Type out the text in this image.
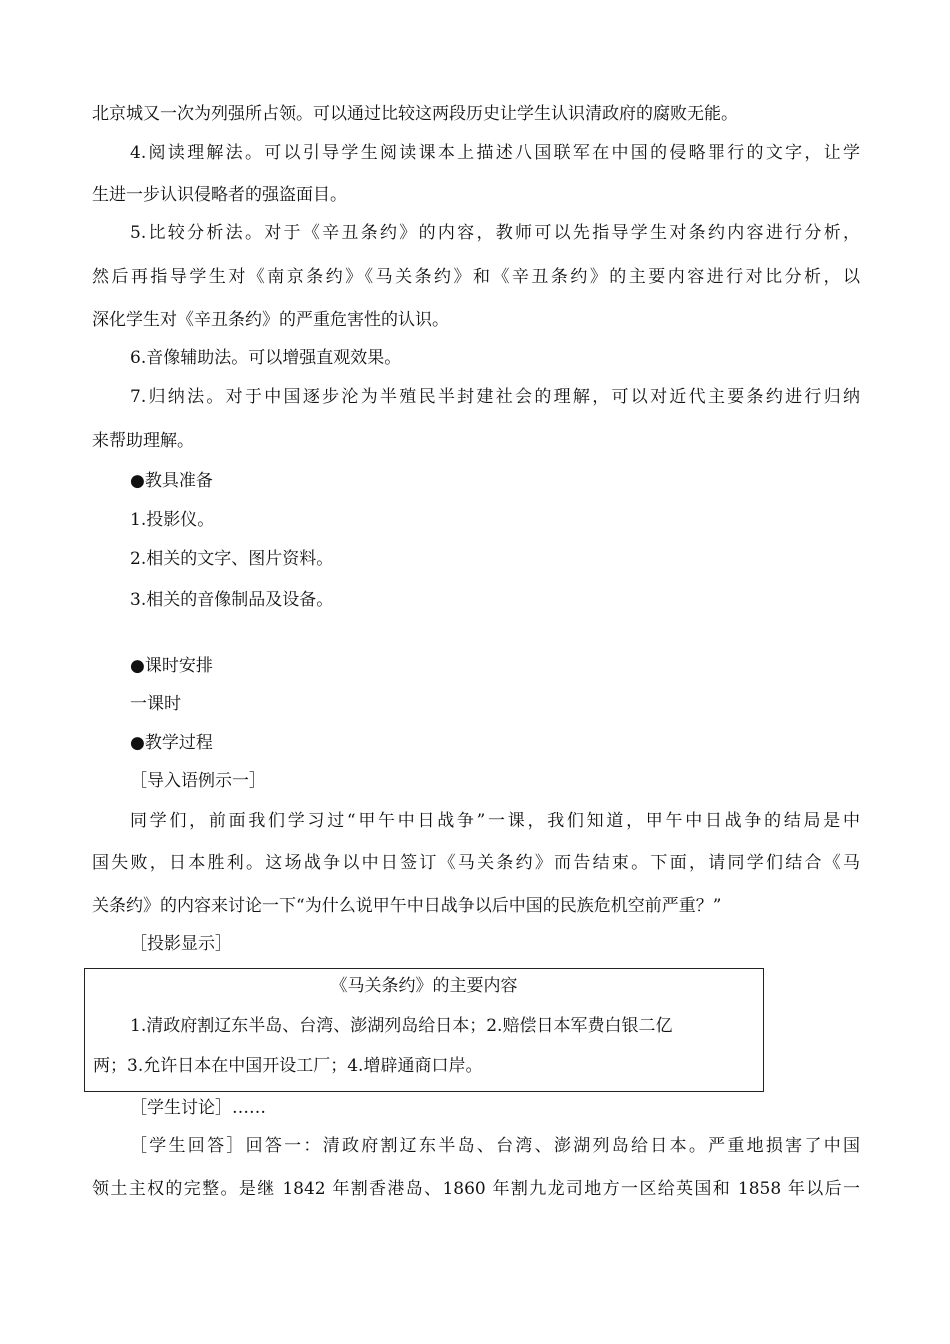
北京城又一次为列强所占领。可以通过比较这两段历史让学生认识清政府的腐败无能。
4.阅读理解法。可以引导学生阅读课本上描述八国联军在中国的侵略罪行的文字，让学
生进一步认识侵略者的强盗面目。
5.比较分析法。对于《辛丑条约》的内容，教师可以先指导学生对条约内容进行分析，
然后再指导学生对《南京条约》《马关条约》和《辛丑条约》的主要内容进行对比分析，以
深化学生对《辛丑条约》的严重危害性的认识。
6.音像辅助法。可以增强直观效果。
7.归纳法。对于中国逐步沦为半殖民半封建社会的理解，可以对近代主要条约进行归纳
来帮助理解。
●教具准备
1.投影仪。
2.相关的文字、图片资料。
3.相关的音像制品及设备。
●课时安排
一课时
●教学过程
［导入语例示一］
同学们，前面我们学习过“甲午中日战争”一课，我们知道，甲午中日战争的结局是中
国失败，日本胜利。这场战争以中日签订《马关条约》而告结束。下面，请同学们结合《马
关条约》的内容来讨论一下“为什么说甲午中日战争以后中国的民族危机空前严重？”
［投影显示］
《马关条约》的主要内容
1.清政府割辽东半岛、台湾、澎湖列岛给日本；2.赔偿日本军费白银二亿
两；3.允许日本在中国开设工厂；4.增辟通商口岸。
［学生讨论］……
［学生回答］回答一：清政府割辽东半岛、台湾、澎湖列岛给日本。严重地损害了中国
领土主权的完整。是继 1842 年割香港岛、1860 年割九龙司地方一区给英国和 1858 年以后一
